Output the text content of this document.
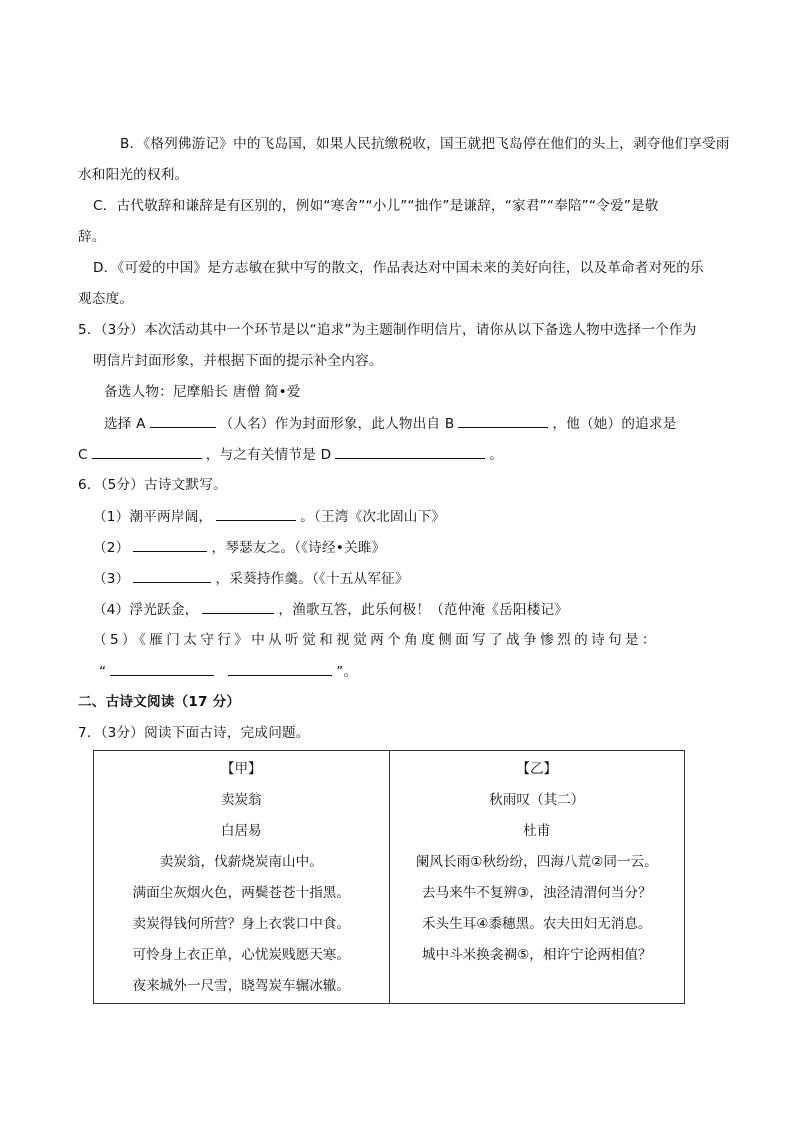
B．《格列佛游记》中的飞岛国，如果人民抗缴税收，国王就把飞岛停在他们的头上，剥夺他们享受雨
水和阳光的权利。
C．古代敬辞和谦辞是有区别的，例如“寒舍”“小儿”“拙作”是谦辞，“家君”“奉陪”“令爱”是敬
辞。
D．《可爱的中国》是方志敏在狱中写的散文，作品表达对中国未来的美好向往，以及革命者对死的乐
观态度。
5．（3分）本次活动其中一个环节是以“追求”为主题制作明信片，请你从以下备选人物中选择一个作为
明信片封面形象，并根据下面的提示补全内容。
备选人物：尼摩船长 唐僧 简•爱
选择 A	（人名）作为封面形象，此人物出自 B	，他（她）的追求是
C	，与之有关情节是 D	。
6．（5分）古诗文默写。
（1）潮平两岸阔，	。（王湾《次北固山下》
（2）	，琴瑟友之。（《诗经•关雎》
（3）	，采葵持作羹。（《十五从军征》
（4）浮光跃金，	，渔歌互答，此乐何极！（范仲淹《岳阳楼记》
（5）《雁门太守行》中从听觉和视觉两个角度侧面写了战争惨烈的诗句是：
“	”。
二、古诗文阅读（17 分）
7．（3分）阅读下面古诗，完成问题。
【甲】
卖炭翁
白居易
卖炭翁，伐薪烧炭南山中。
满面尘灰烟火色，两鬓苍苍十指黑。
卖炭得钱何所营？身上衣裳口中食。
可怜身上衣正单，心忧炭贱愿天寒。
夜来城外一尺雪，晓驾炭车辗冰辙。

【乙】
秋雨叹（其二）
杜甫
阑风长雨①秋纷纷，四海八荒②同一云。
去马来牛不复辨③，浊泾清渭何当分？
禾头生耳④黍穗黑。农夫田妇无消息。
城中斗米换衾裯⑤，相许宁论两相值？
